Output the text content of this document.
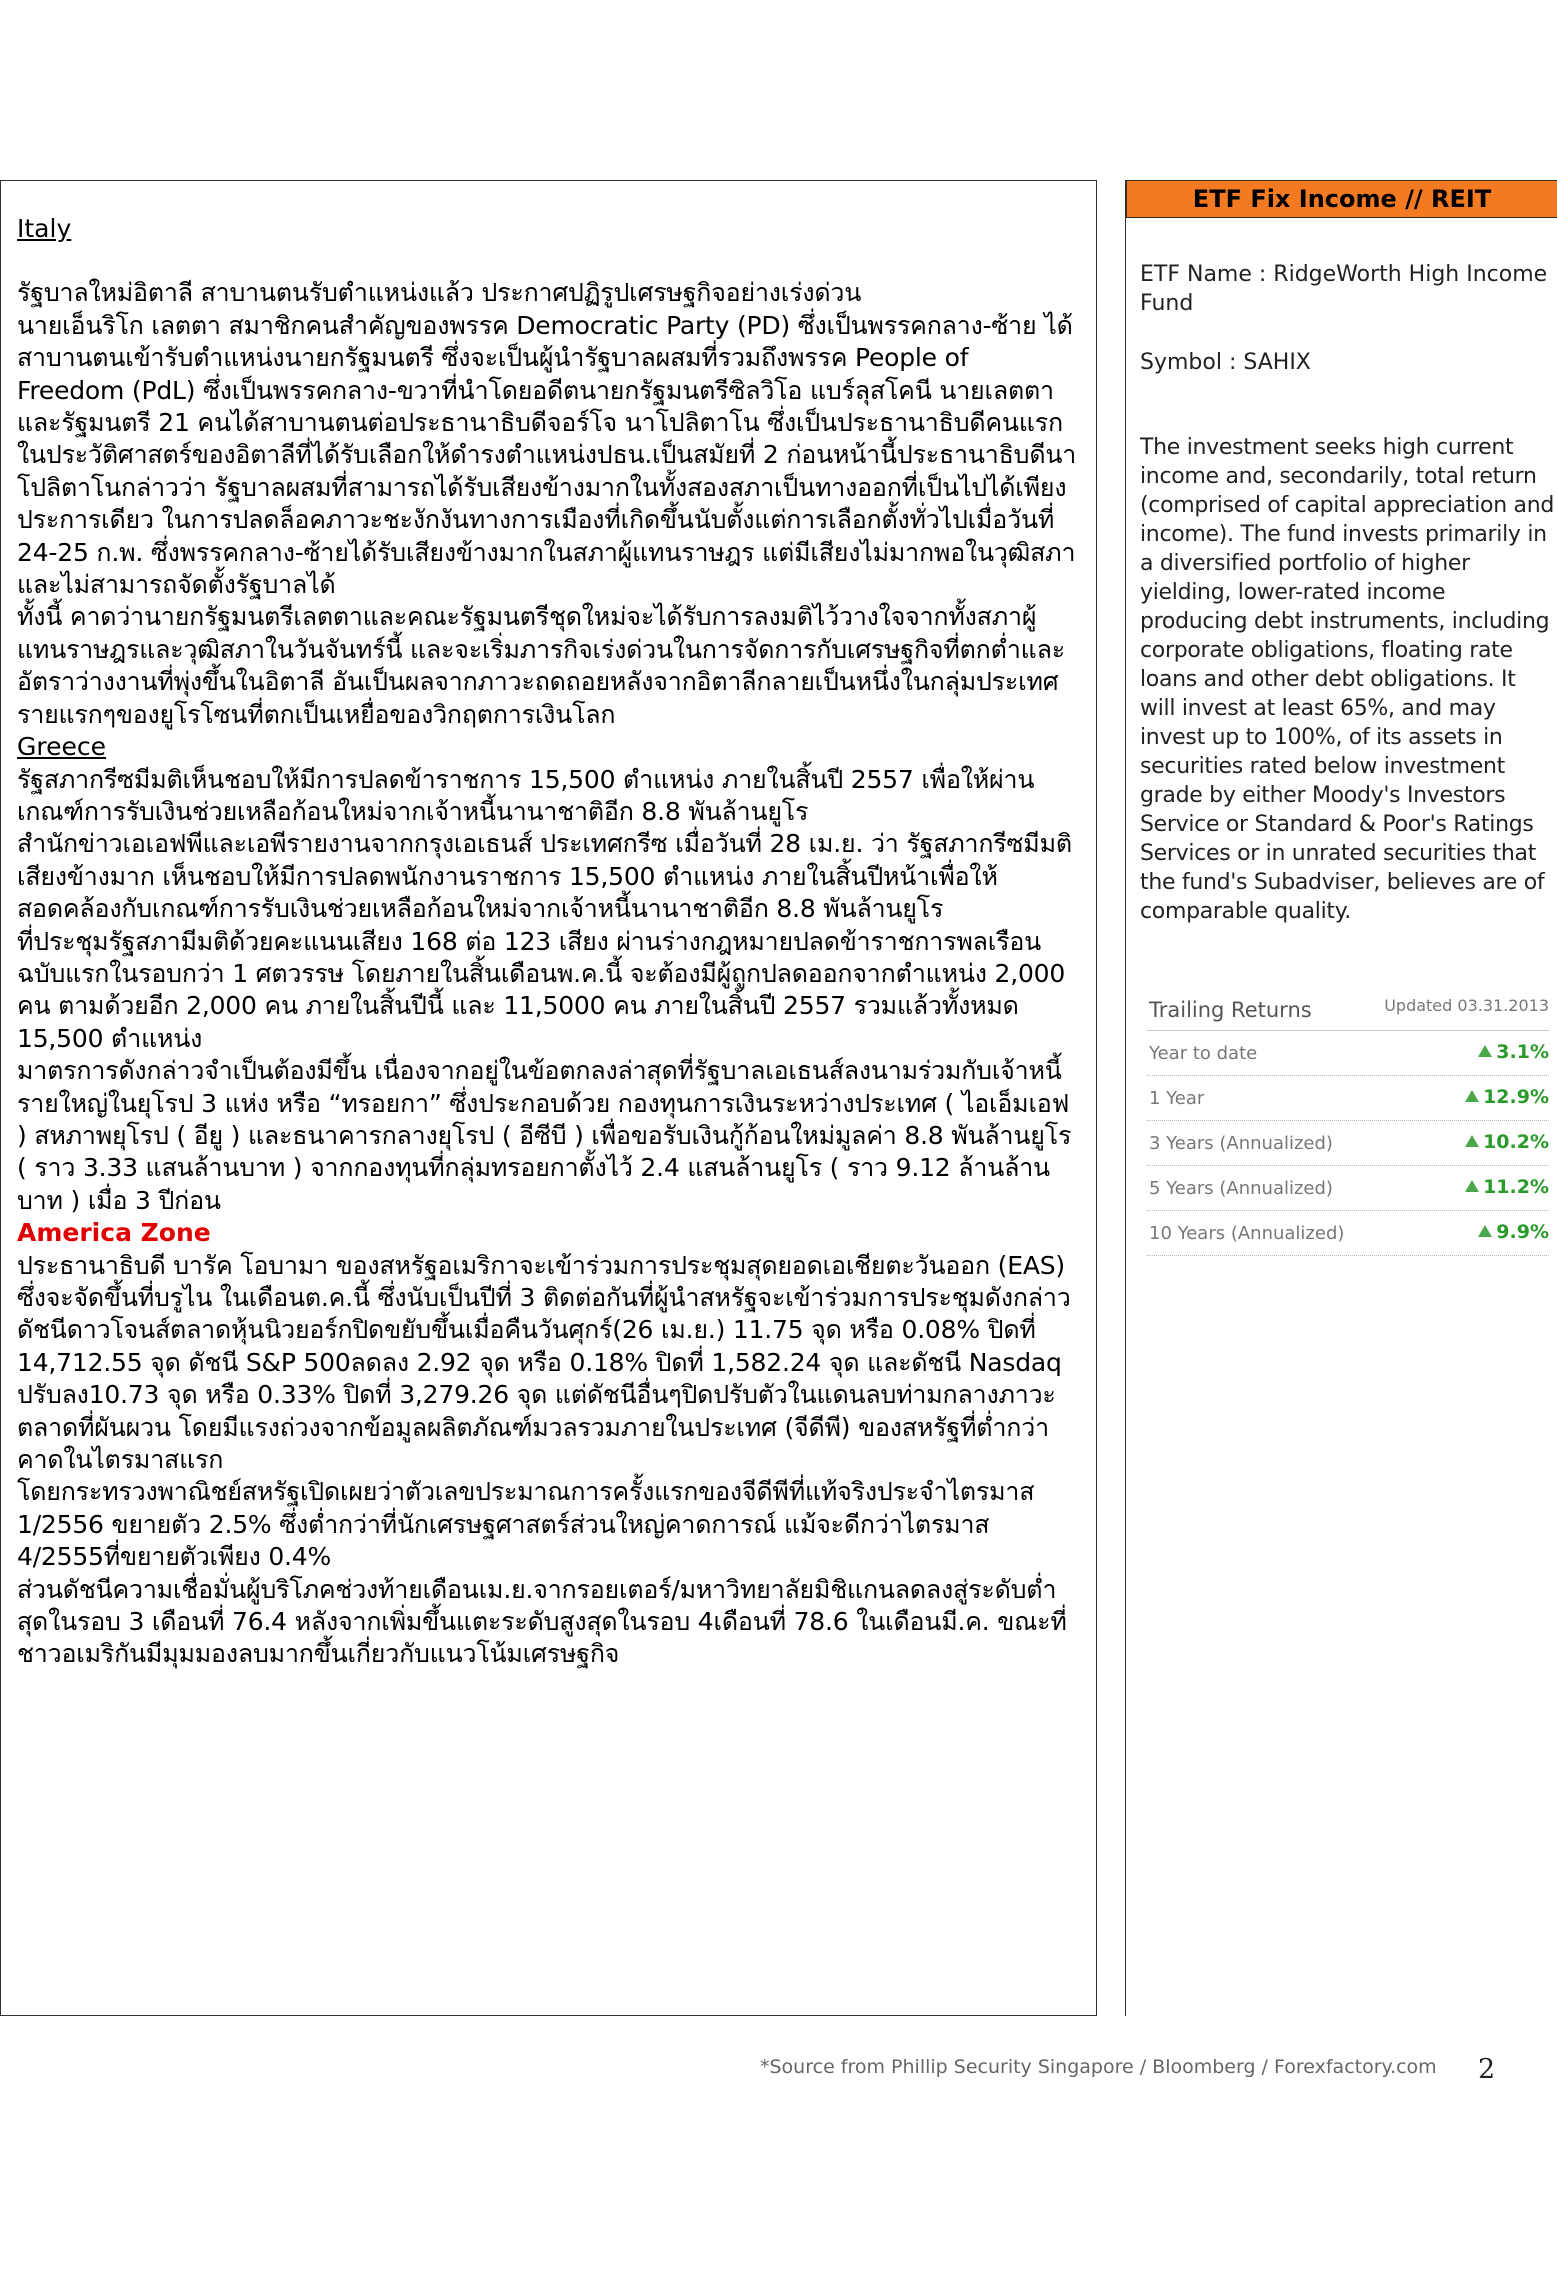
Italy
รัฐบาลใหม่อิตาลี สาบานตนรับตำแหน่งแล้ว ประกาศปฏิรูปเศรษฐกิจอย่างเร่งด่วน
นายเอ็นริโก เลตตา สมาชิกคนสำคัญของพรรค Democratic Party (PD) ซึ่งเป็นพรรคกลาง-ซ้าย ได้สาบานตนเข้ารับตำแหน่งนายกรัฐมนตรี ซึ่งจะเป็นผู้นำรัฐบาลผสมที่รวมถึงพรรค People of Freedom (PdL) ซึ่งเป็นพรรคกลาง-ขวาที่นำโดยอดีตนายกรัฐมนตรีซิลวิโอ แบร์ลุสโคนี นายเลตตาและรัฐมนตรี 21 คนได้สาบานตนต่อประธานาธิบดีจอร์โจ นาโปลิตาโน ซึ่งเป็นประธานาธิบดีคนแรกในประวัติศาสตร์ของอิตาลีที่ได้รับเลือกให้ดำรงตำแหน่งปธน.เป็นสมัยที่ 2 ก่อนหน้านี้ประธานาธิบดีนาโปลิตาโนกล่าวว่า รัฐบาลผสมที่สามารถได้รับเสียงข้างมากในทั้งสองสภาเป็นทางออกที่เป็นไปได้เพียงประการเดียว ในการปลดล็อคภาวะชะงักงันทางการเมืองที่เกิดขึ้นนับตั้งแต่การเลือกตั้งทั่วไปเมื่อวันที่ 24-25 ก.พ. ซึ่งพรรคกลาง-ซ้ายได้รับเสียงข้างมากในสภาผู้แทนราษฎร แต่มีเสียงไม่มากพอในวุฒิสภา และไม่สามารถจัดตั้งรัฐบาลได้
ทั้งนี้ คาดว่านายกรัฐมนตรีเลตตาและคณะรัฐมนตรีชุดใหม่จะได้รับการลงมติไว้วางใจจากทั้งสภาผู้แทนราษฎรและวุฒิสภาในวันจันทร์นี้ และจะเริ่มภารกิจเร่งด่วนในการจัดการกับเศรษฐกิจที่ตกต่ำและอัตราว่างงานที่พุ่งขึ้นในอิตาลี อันเป็นผลจากภาวะถดถอยหลังจากอิตาลีกลายเป็นหนึ่งในกลุ่มประเทศรายแรกๆของยูโรโซนที่ตกเป็นเหยื่อของวิกฤตการเงินโลก
Greece
รัฐสภากรีซมีมติเห็นชอบให้มีการปลดข้าราชการ 15,500 ตำแหน่ง ภายในสิ้นปี 2557 เพื่อให้ผ่านเกณฑ์การรับเงินช่วยเหลือก้อนใหม่จากเจ้าหนี้นานาชาติอีก 8.8 พันล้านยูโร
สำนักข่าวเอเอฟพีและเอพีรายงานจากกรุงเอเธนส์ ประเทศกรีซ เมื่อวันที่ 28 เม.ย. ว่า รัฐสภากรีซมีมติเสียงข้างมาก เห็นชอบให้มีการปลดพนักงานราชการ 15,500 ตำแหน่ง ภายในสิ้นปีหน้าเพื่อให้สอดคล้องกับเกณฑ์การรับเงินช่วยเหลือก้อนใหม่จากเจ้าหนี้นานาชาติอีก 8.8 พันล้านยูโร
ที่ประชุมรัฐสภามีมติด้วยคะแนนเสียง 168 ต่อ 123 เสียง ผ่านร่างกฎหมายปลดข้าราชการพลเรือนฉบับแรกในรอบกว่า 1 ศตวรรษ โดยภายในสิ้นเดือนพ.ค.นี้ จะต้องมีผู้ถูกปลดออกจากตำแหน่ง 2,000 คน ตามด้วยอีก 2,000 คน ภายในสิ้นปีนี้ และ 11,5000 คน ภายในสิ้นปี 2557 รวมแล้วทั้งหมด 15,500 ตำแหน่ง
มาตรการดังกล่าวจำเป็นต้องมีขึ้น เนื่องจากอยู่ในข้อตกลงล่าสุดที่รัฐบาลเอเธนส์ลงนามร่วมกับเจ้าหนี้รายใหญ่ในยุโรป 3 แห่ง หรือ “ทรอยกา” ซึ่งประกอบด้วย กองทุนการเงินระหว่างประเทศ ( ไอเอ็มเอฟ ) สหภาพยุโรป ( อียู ) และธนาคารกลางยุโรป ( อีซีบี ) เพื่อขอรับเงินกู้ก้อนใหม่มูลค่า 8.8 พันล้านยูโร ( ราว 3.33 แสนล้านบาท ) จากกองทุนที่กลุ่มทรอยกาตั้งไว้ 2.4 แสนล้านยูโร ( ราว 9.12 ล้านล้านบาท ) เมื่อ 3 ปีก่อน
America Zone
ประธานาธิบดี บารัค โอบามา ของสหรัฐอเมริกาจะเข้าร่วมการประชุมสุดยอดเอเชียตะวันออก (EAS) ซึ่งจะจัดขึ้นที่บรูไน ในเดือนต.ค.นี้ ซึ่งนับเป็นปีที่ 3 ติดต่อกันที่ผู้นำสหรัฐจะเข้าร่วมการประชุมดังกล่าว
ดัชนีดาวโจนส์ตลาดหุ้นนิวยอร์กปิดขยับขึ้นเมื่อคืนวันศุกร์(26 เม.ย.) 11.75 จุด หรือ 0.08% ปิดที่ 14,712.55 จุด ดัชนี S&P 500ลดลง 2.92 จุด หรือ 0.18% ปิดที่ 1,582.24 จุด และดัชนี Nasdaq ปรับลง10.73 จุด หรือ 0.33% ปิดที่ 3,279.26 จุด แต่ดัชนีอื่นๆปิดปรับตัวในแดนลบท่ามกลางภาวะตลาดที่ผันผวน โดยมีแรงถ่วงจากข้อมูลผลิตภัณฑ์มวลรวมภายในประเทศ (จีดีพี) ของสหรัฐที่ต่ำกว่าคาดในไตรมาสแรก
โดยกระทรวงพาณิชย์สหรัฐเปิดเผยว่าตัวเลขประมาณการครั้งแรกของจีดีพีที่แท้จริงประจำไตรมาส 1/2556 ขยายตัว 2.5% ซึ่งต่ำกว่าที่นักเศรษฐศาสตร์ส่วนใหญ่คาดการณ์ แม้จะดีกว่าไตรมาส 4/2555ที่ขยายตัวเพียง 0.4%
ส่วนดัชนีความเชื่อมั่นผู้บริโภคช่วงท้ายเดือนเม.ย.จากรอยเตอร์/มหาวิทยาลัยมิชิแกนลดลงสู่ระดับต่ำสุดในรอบ 3 เดือนที่ 76.4 หลังจากเพิ่มขึ้นแตะระดับสูงสุดในรอบ 4เดือนที่ 78.6 ในเดือนมี.ค. ขณะที่ชาวอเมริกันมีมุมมองลบมากขึ้นเกี่ยวกับแนวโน้มเศรษฐกิจ
ETF Fix Income // REIT
ETF Name : RidgeWorth High Income Fund
Symbol : SAHIX
The investment seeks high current income and, secondarily, total return (comprised of capital appreciation and income). The fund invests primarily in a diversified portfolio of higher yielding, lower-rated income producing debt instruments, including corporate obligations, floating rate loans and other debt obligations. It will invest at least 65%, and may invest up to 100%, of its assets in securities rated below investment grade by either Moody's Investors Service or Standard & Poor's Ratings Services or in unrated securities that the fund's Subadviser, believes are of comparable quality.
Trailing Returns	Updated 03.31.2013
Year to date	3.1%
1 Year	12.9%
3 Years (Annualized)	10.2%
5 Years (Annualized)	11.2%
10 Years (Annualized)	9.9%
*Source from Phillip Security Singapore / Bloomberg / Forexfactory.com 2
